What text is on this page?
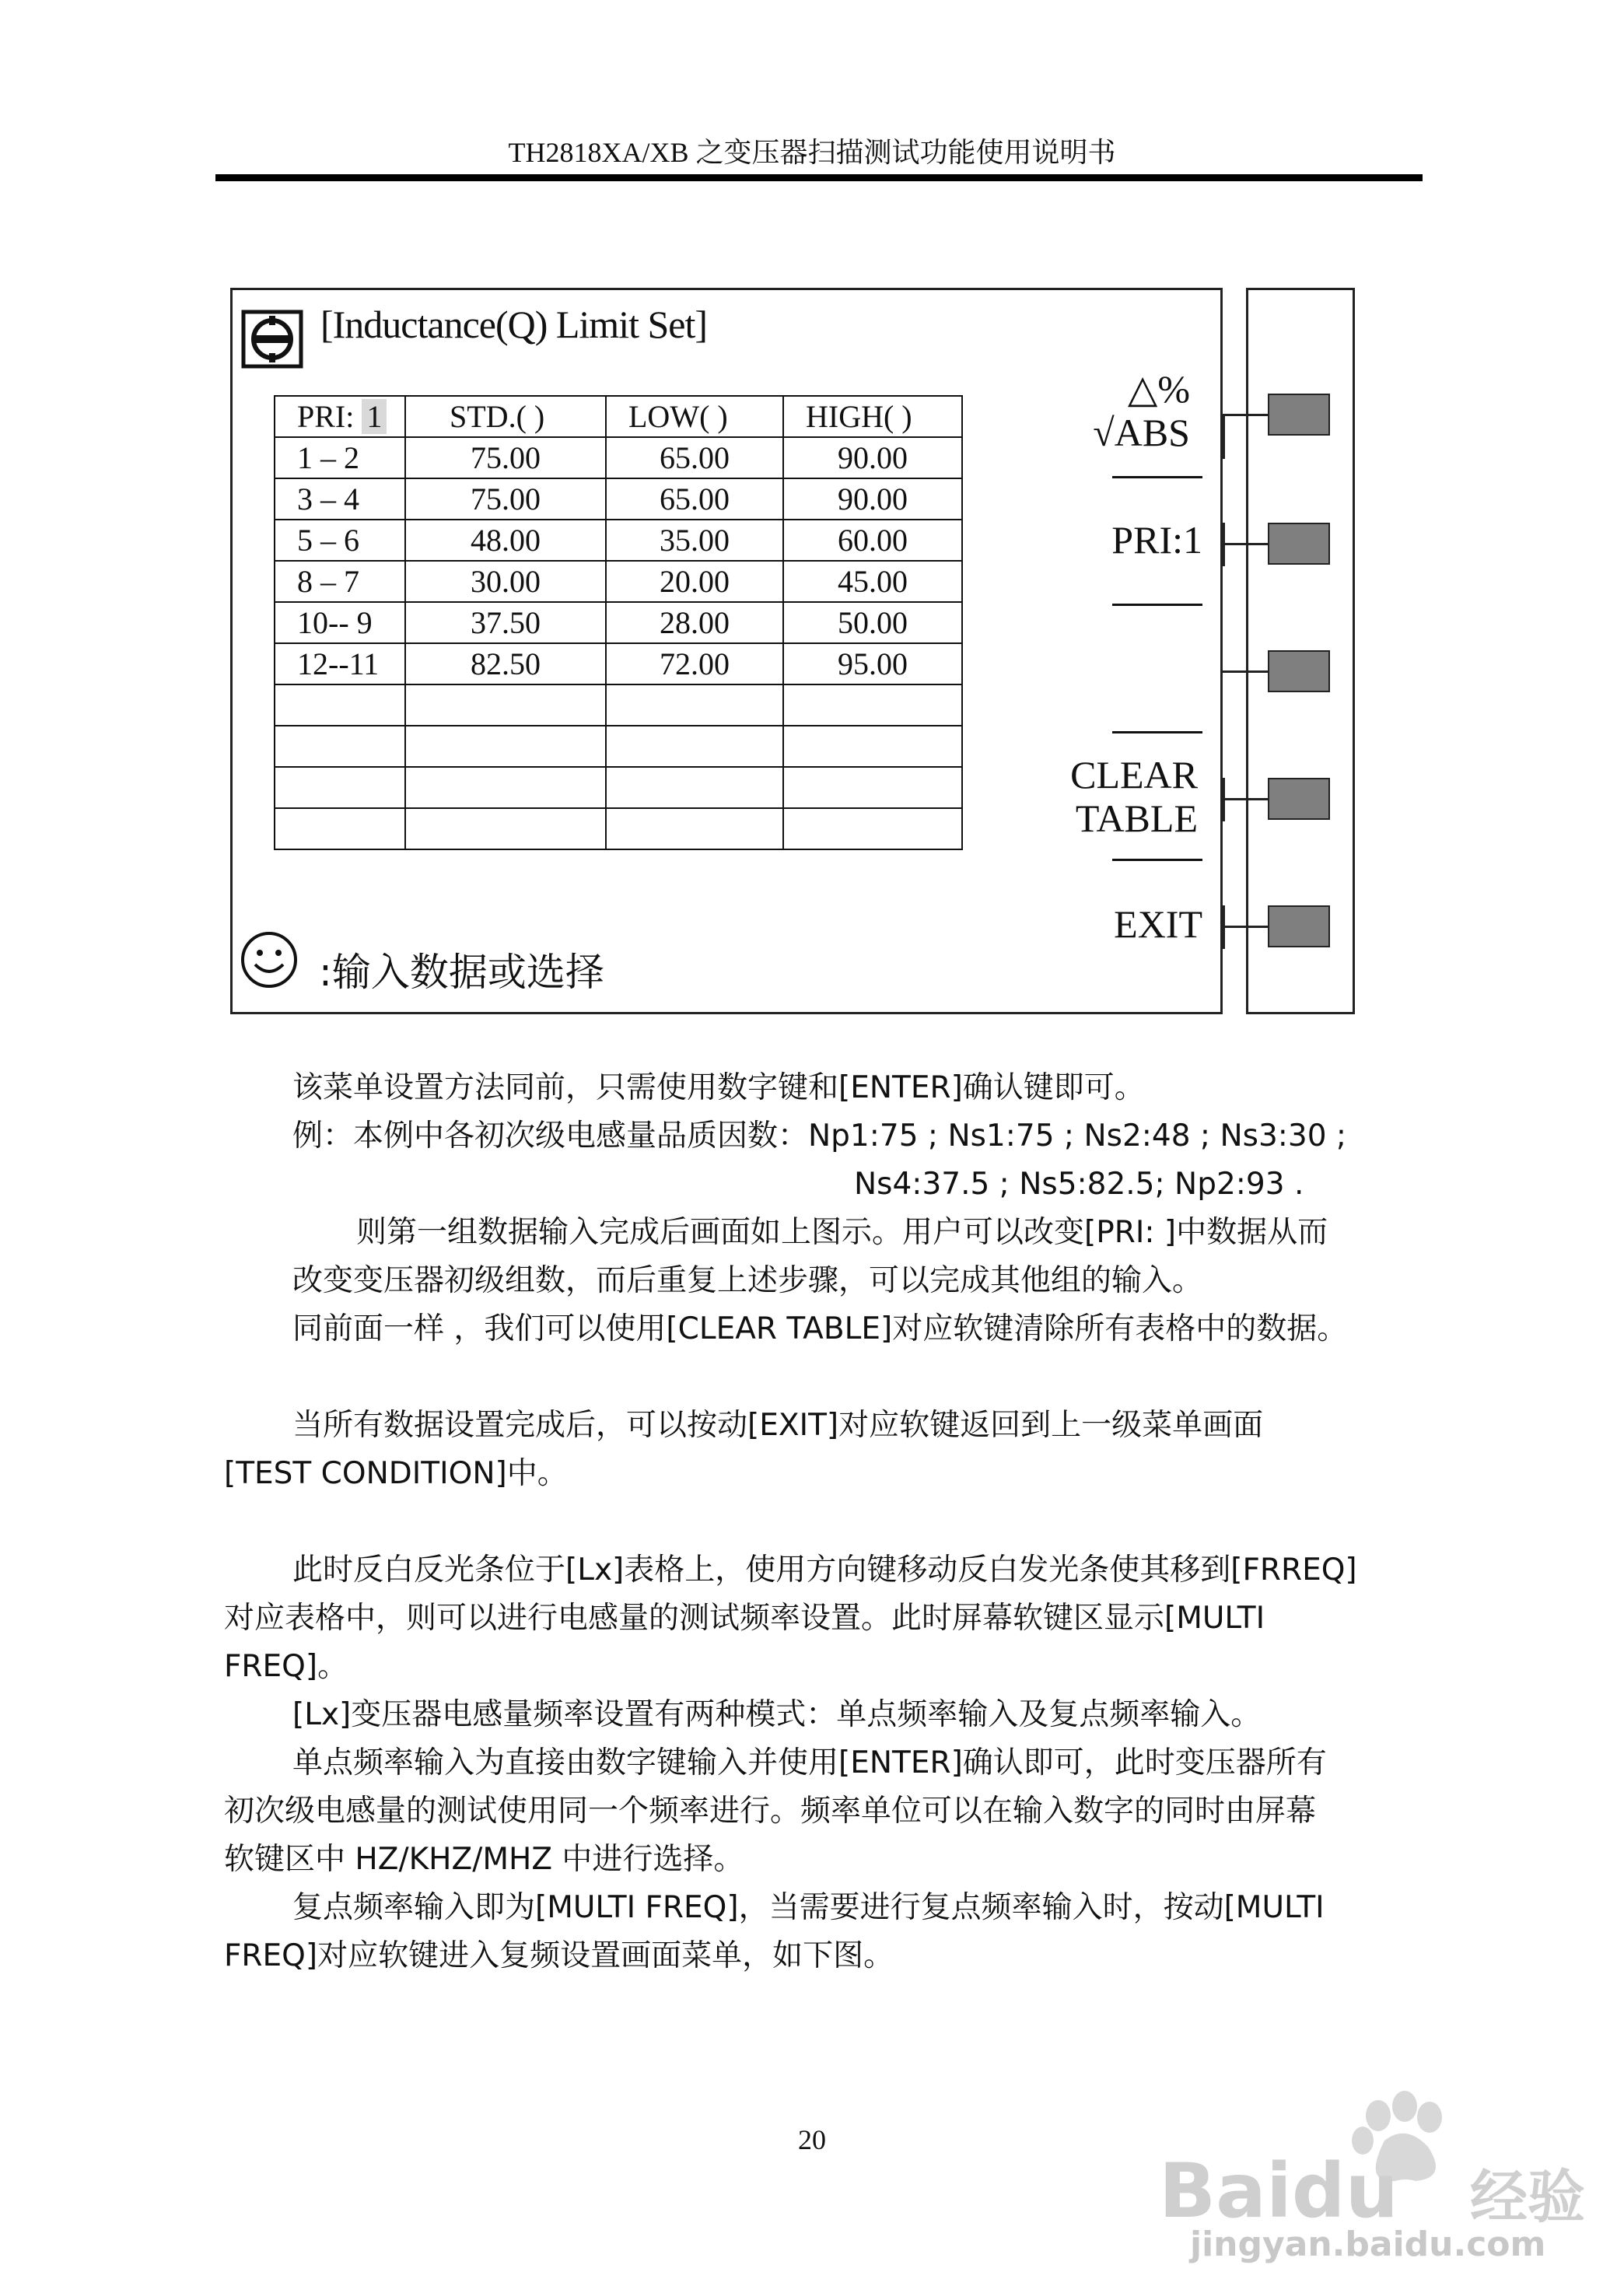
TH2818XA/XB 之变压器扫描测试功能使用说明书
[Inductance(Q) Limit Set]
PRI: 1	STD.( )	LOW( )	HIGH( )
1 – 2	75.00	65.00	90.00
3 – 4	75.00	65.00	90.00
5 – 6	48.00	35.00	60.00
8 – 7	30.00	20.00	45.00
10-- 9	37.50	28.00	50.00
12--11	82.50	72.00	95.00

:输入数据或选择
△%
√ABS
PRI:1
CLEAR
TABLE
EXIT
该菜单设置方法同前，只需使用数字键和[ENTER]确认键即可。
例：本例中各初次级电感量品质因数：Np1:75 ; Ns1:75 ; Ns2:48 ; Ns3:30 ;
Ns4:37.5 ; Ns5:82.5; Np2:93 .
则第一组数据输入完成后画面如上图示。用户可以改变[PRI: ]中数据从而
改变变压器初级组数，而后重复上述步骤，可以完成其他组的输入。
同前面一样 ，我们可以使用[CLEAR TABLE]对应软键清除所有表格中的数据。
当所有数据设置完成后，可以按动[EXIT]对应软键返回到上一级菜单画面
[TEST CONDITION]中。
此时反白反光条位于[Lx]表格上，使用方向键移动反白发光条使其移到[FRREQ]
对应表格中，则可以进行电感量的测试频率设置。此时屏幕软键区显示[MULTI
FREQ]。
[Lx]变压器电感量频率设置有两种模式：单点频率输入及复点频率输入。
单点频率输入为直接由数字键输入并使用[ENTER]确认即可，此时变压器所有
初次级电感量的测试使用同一个频率进行。频率单位可以在输入数字的同时由屏幕
软键区中 HZ/KHZ/MHZ 中进行选择。
复点频率输入即为[MULTI FREQ]，当需要进行复点频率输入时，按动[MULTI
FREQ]对应软键进入复频设置画面菜单，如下图。
20
Baidu 经验
jingyan.baidu.com
